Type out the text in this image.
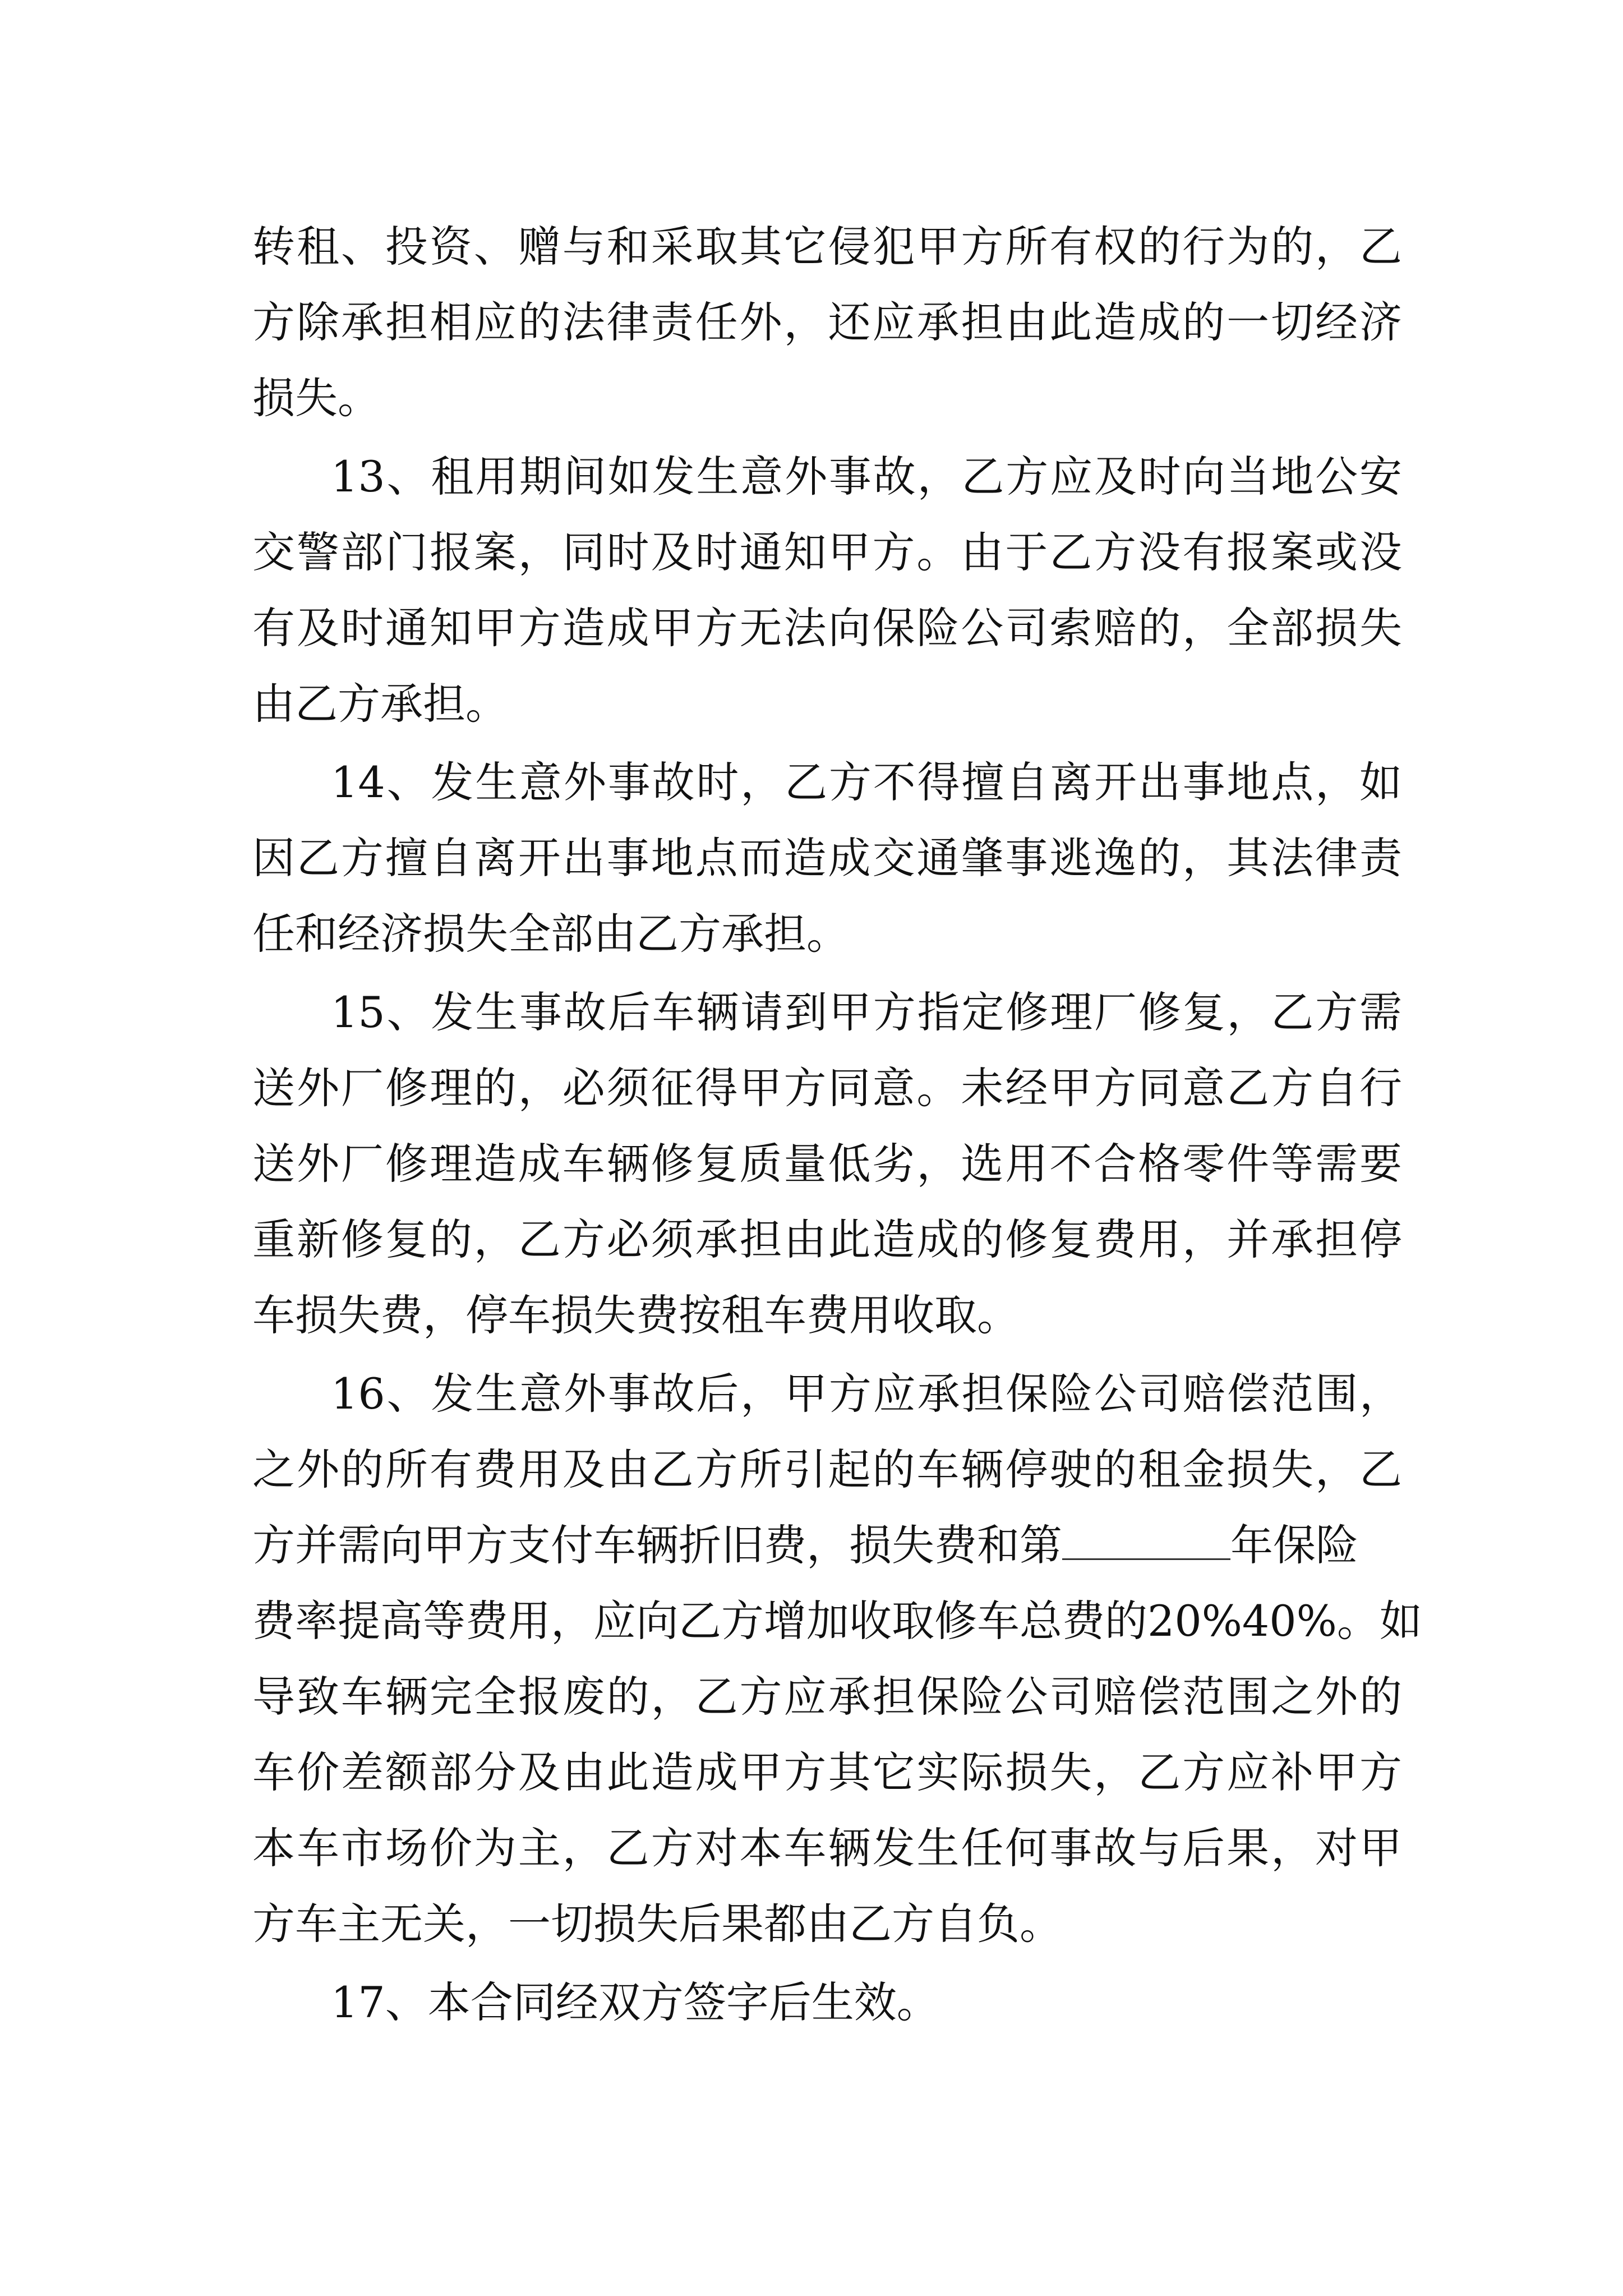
转租、投资、赠与和采取其它侵犯甲方所有权的行为的，乙
方除承担相应的法律责任外，还应承担由此造成的一切经济
损失。
13、租用期间如发生意外事故，乙方应及时向当地公安
交警部门报案，同时及时通知甲方。由于乙方没有报案或没
有及时通知甲方造成甲方无法向保险公司索赔的，全部损失
由乙方承担。
14、发生意外事故时，乙方不得擅自离开出事地点，如
因乙方擅自离开出事地点而造成交通肇事逃逸的，其法律责
任和经济损失全部由乙方承担。
15、发生事故后车辆请到甲方指定修理厂修复，乙方需
送外厂修理的，必须征得甲方同意。未经甲方同意乙方自行
送外厂修理造成车辆修复质量低劣，选用不合格零件等需要
重新修复的，乙方必须承担由此造成的修复费用，并承担停
车损失费，停车损失费按租车费用收取。
16、发生意外事故后，甲方应承担保险公司赔偿范围，
之外的所有费用及由乙方所引起的车辆停驶的租金损失，乙
方并需向甲方支付车辆折旧费，损失费和第	年保险
费率提高等费用，应向乙方增加收取修车总费的20%40%。如
导致车辆完全报废的，乙方应承担保险公司赔偿范围之外的
车价差额部分及由此造成甲方其它实际损失，乙方应补甲方
本车市场价为主，乙方对本车辆发生任何事故与后果，对甲
方车主无关，一切损失后果都由乙方自负。
17、本合同经双方签字后生效。
